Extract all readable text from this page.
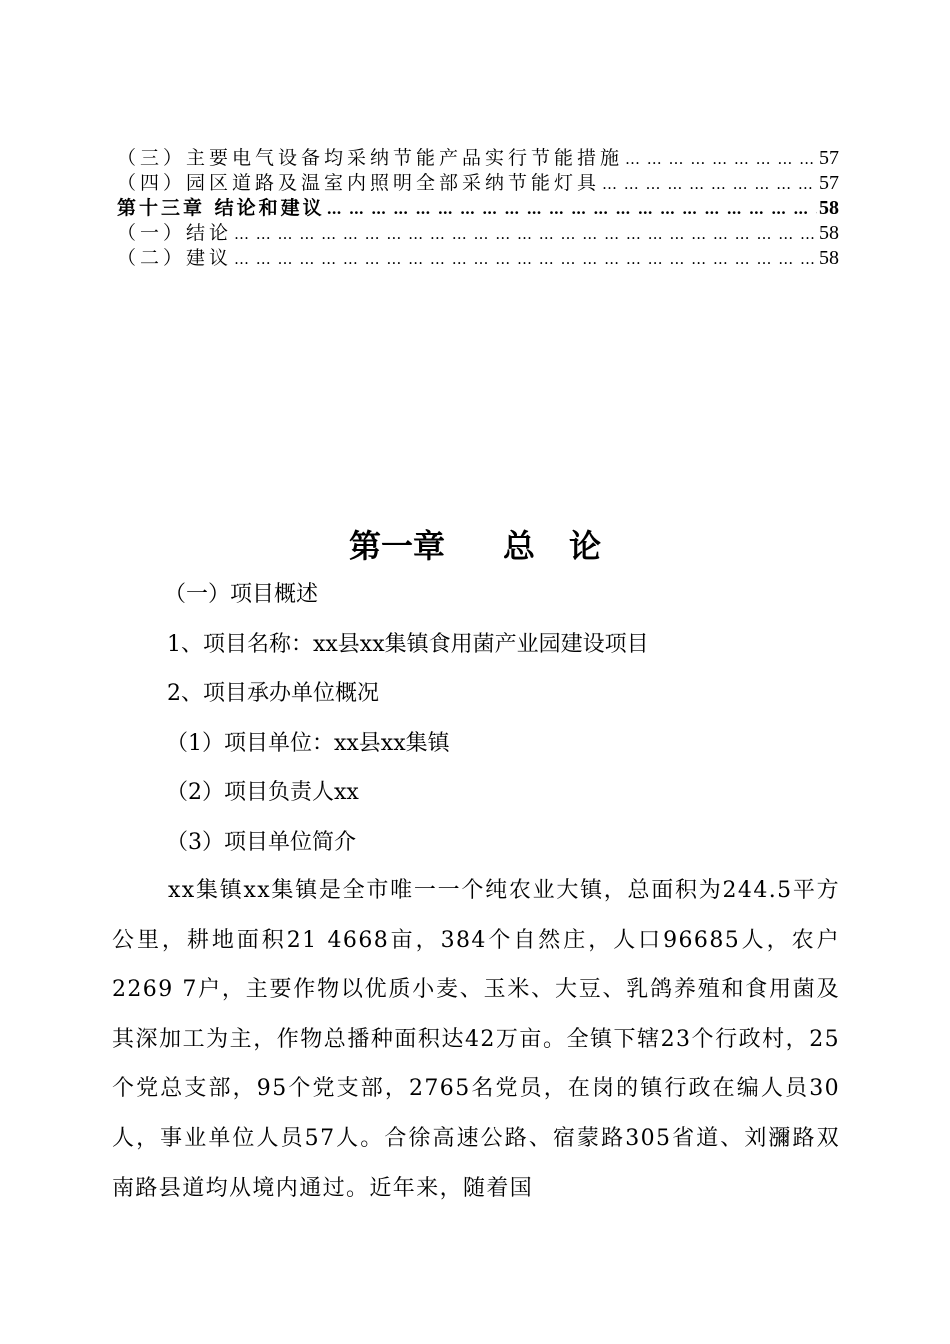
（三）主要电气设备均采纳节能产品实行节能措施 … … … … … … … … … … … … … … … … … … … … … … … … … … … … … … … … … … … … … … … … … … … … … … … … … … … … … … … … …	57
（四）园区道路及温室内照明全部采纳节能灯具 … … … … … … … … … … … … … … … … … … … … … … … … … … … … … … … … … … … … … … … … … … … … … … … … … … … … … … … … …	57
第十三章 结论和建议 … … … … … … … … … … … … … … … … … … … … … … … … … … … … … … … … … … … … … … … … … … … … … … … … … … … … … … … … …	58
（一）结论 … … … … … … … … … … … … … … … … … … … … … … … … … … … … … … … … … … … … … … … … … … … … … … … … … … … … … … … … …	58
（二）建议 … … … … … … … … … … … … … … … … … … … … … … … … … … … … … … … … … … … … … … … … … … … … … … … … … … … … … … … … …	58
第一章 总论
（一）项目概述
1、项目名称：xx县xx集镇食用菌产业园建设项目
2、项目承办单位概况
（1）项目单位：xx县xx集镇
（2）项目负责人xx
（3）项目单位简介
xx集镇xx集镇是全市唯一一个纯农业大镇，总面积为244.5平方公里，耕地面积21 4668亩，384个自然庄，人口96685人，农户2269 7户，主要作物以优质小麦、玉米、大豆、乳鸽养殖和食用菌及其深加工为主，作物总播种面积达42万亩。全镇下辖23个行政村，25个党总支部，95个党支部，2765名党员，在岗的镇行政在编人员30人，事业单位人员57人。合徐高速公路、宿蒙路305省道、刘瀰路双南路县道均从境内通过。近年来，随着国
